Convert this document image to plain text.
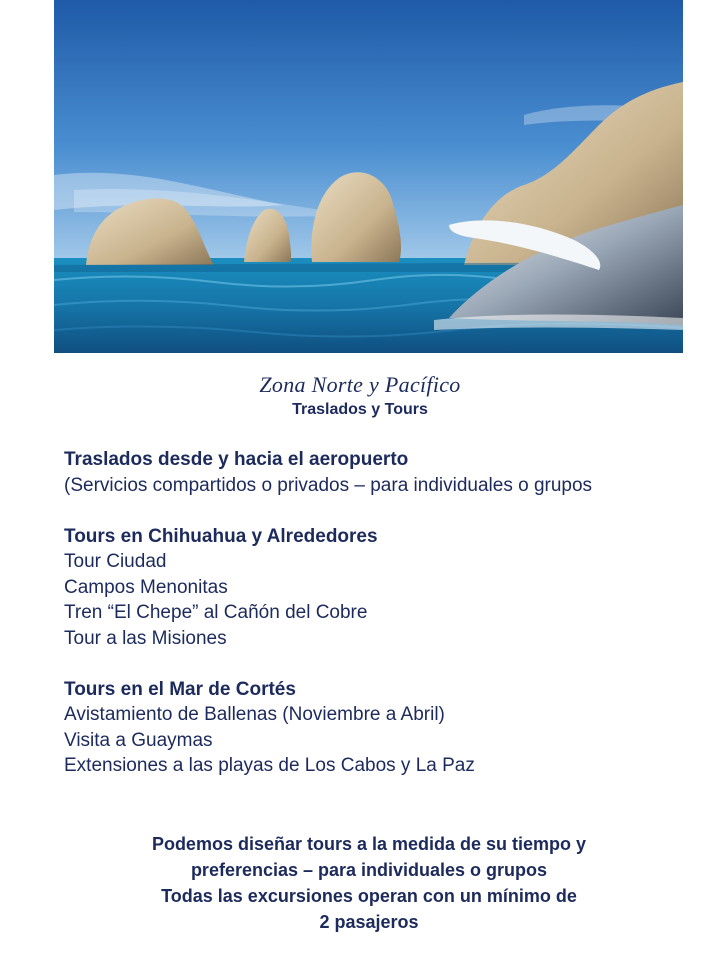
Zona Norte y Pacífico
Traslados y Tours
Traslados desde y hacia el aeropuerto
(Servicios compartidos o privados – para individuales o grupos
Tours en Chihuahua y Alrededores
Tour Ciudad
Campos Menonitas
Tren “El Chepe” al Cañón del Cobre
Tour a las Misiones
Tours en el Mar de Cortés
Avistamiento de Ballenas (Noviembre a Abril)
Visita a Guaymas
Extensiones a las playas de Los Cabos y La Paz
Podemos diseñar tours a la medida de su tiempo y
preferencias – para individuales o grupos
Todas las excursiones operan con un mínimo de
2 pasajeros
